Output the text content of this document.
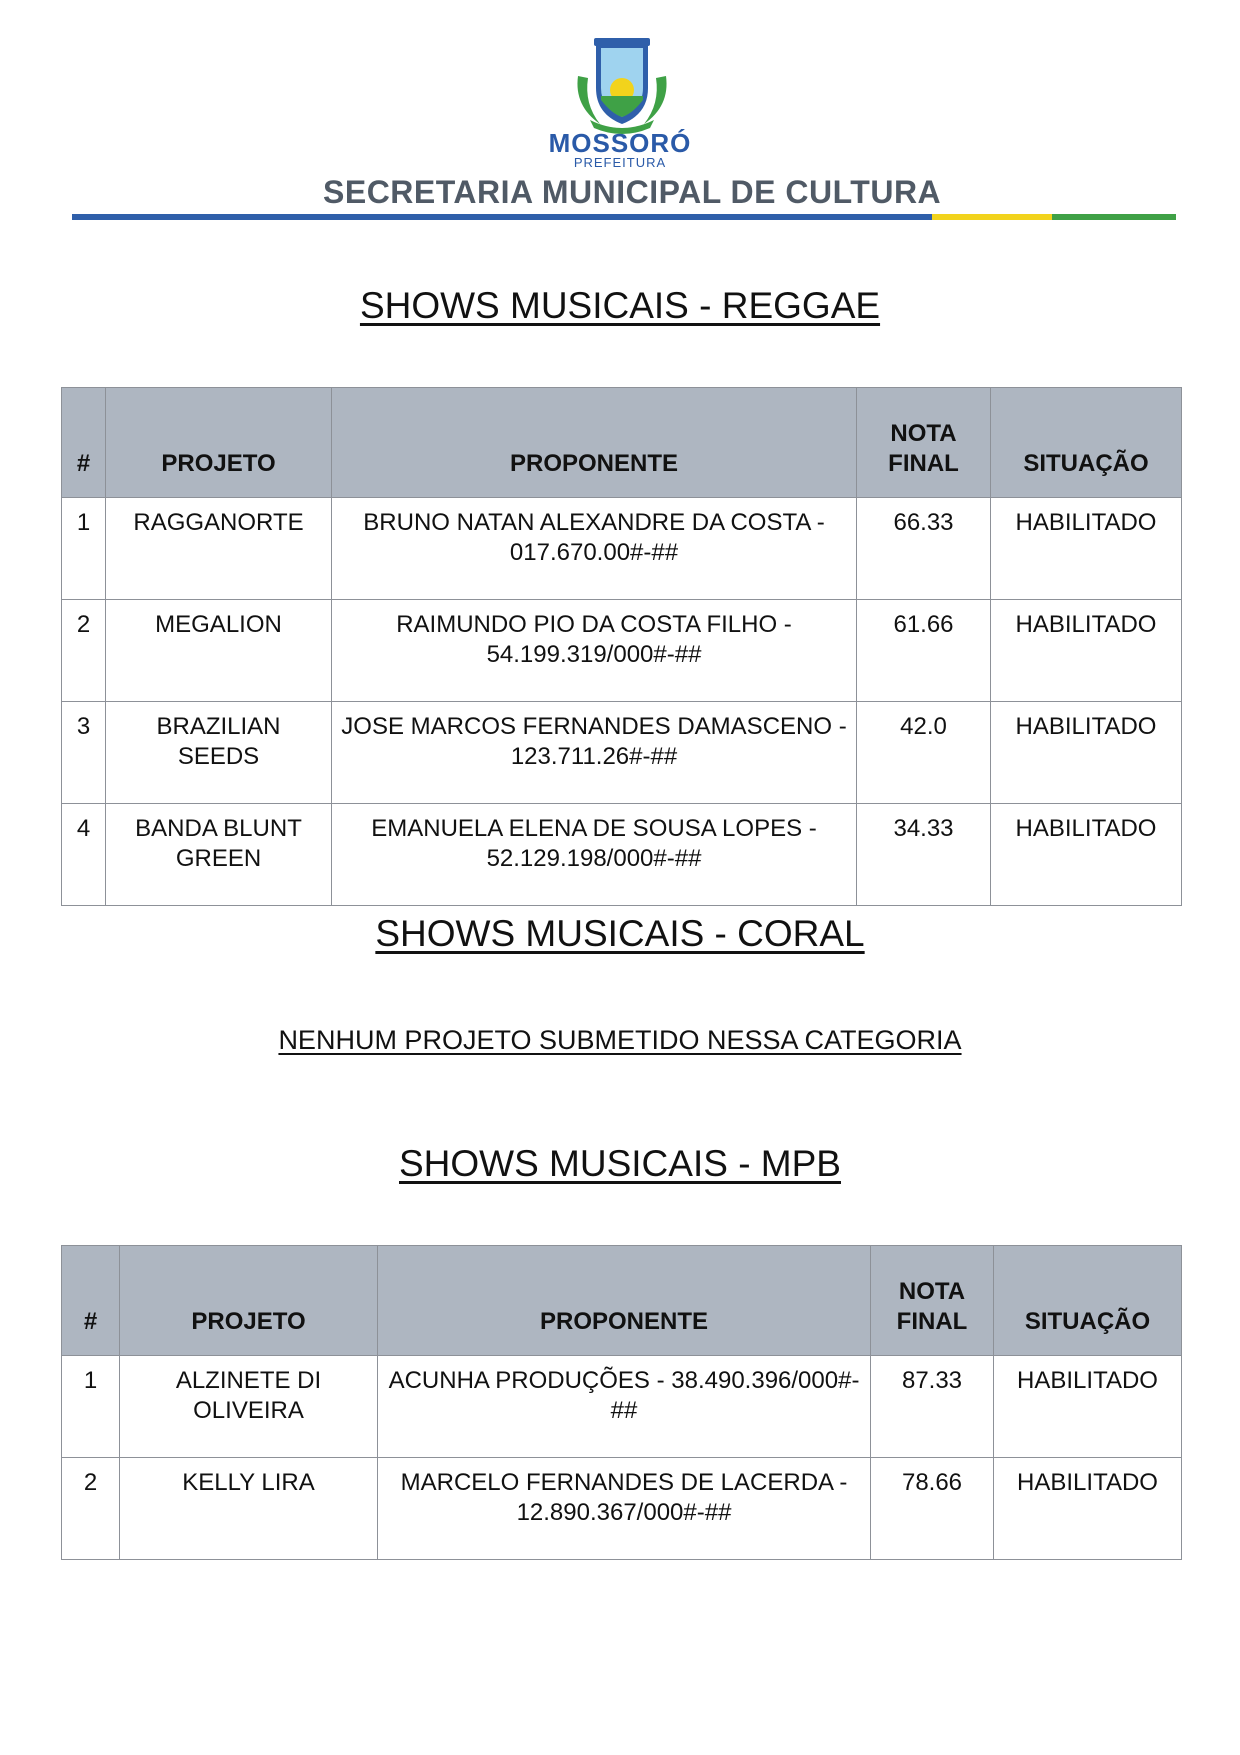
MOSSORÓ
PREFEITURA
SECRETARIA MUNICIPAL DE CULTURA
SHOWS MUSICAIS - REGGAE
#	PROJETO	PROPONENTE	NOTA FINAL	SITUAÇÃO
1	RAGGANORTE	BRUNO NATAN ALEXANDRE DA COSTA - 017.670.00#-##	66.33	HABILITADO
2	MEGALION	RAIMUNDO PIO DA COSTA FILHO - 54.199.319/000#-##	61.66	HABILITADO
3	BRAZILIAN SEEDS	JOSE MARCOS FERNANDES DAMASCENO - 123.711.26#-##	42.0	HABILITADO
4	BANDA BLUNT GREEN	EMANUELA ELENA DE SOUSA LOPES - 52.129.198/000#-##	34.33	HABILITADO
SHOWS MUSICAIS - CORAL
NENHUM PROJETO SUBMETIDO NESSA CATEGORIA
SHOWS MUSICAIS - MPB
#	PROJETO	PROPONENTE	NOTA FINAL	SITUAÇÃO
1	ALZINETE DI OLIVEIRA	ACUNHA PRODUÇÕES - 38.490.396/000#-##	87.33	HABILITADO
2	KELLY LIRA	MARCELO FERNANDES DE LACERDA - 12.890.367/000#-##	78.66	HABILITADO
